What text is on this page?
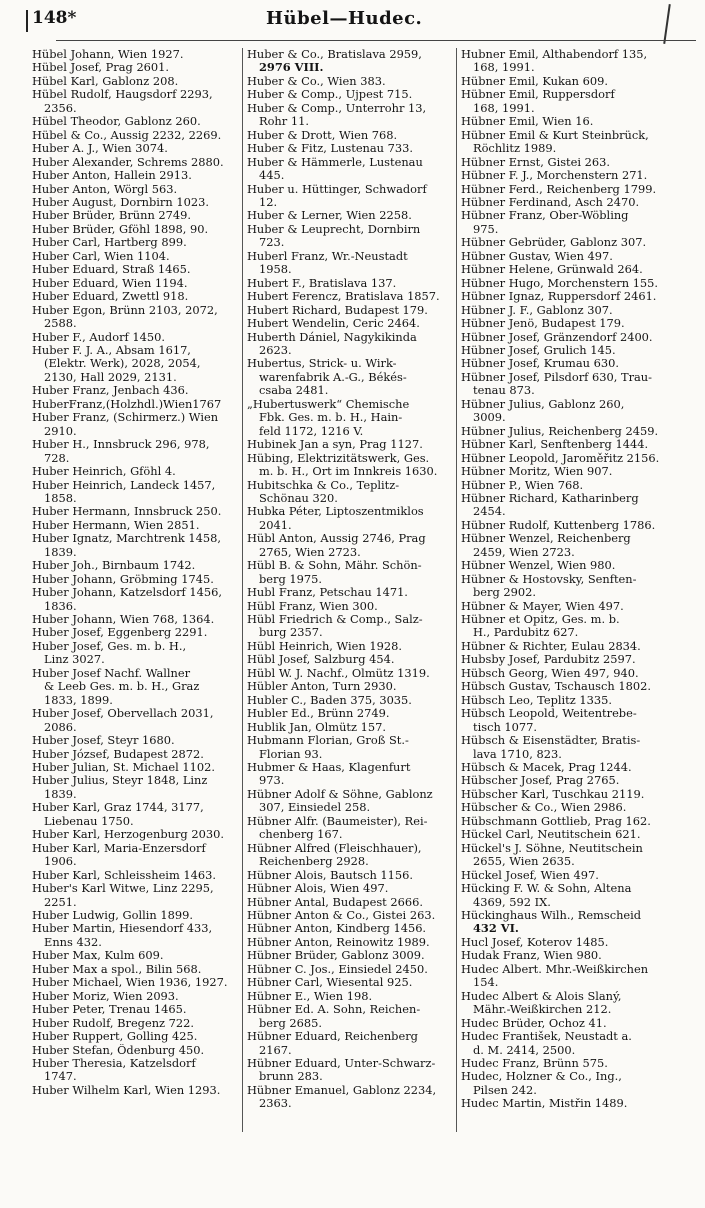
148*	Hübel—Hudec.
Hübel Johann, Wien 1927.
Hübel Josef, Prag 2601.
Hübel Karl, Gablonz 208.
Hübel Rudolf, Haugsdorf 2293,
2356.
Hübel Theodor, Gablonz 260.
Hübel & Co., Aussig 2232, 2269.
Huber A. J., Wien 3074.
Huber Alexander, Schrems 2880.
Huber Anton, Hallein 2913.
Huber Anton, Wörgl 563.
Huber August, Dornbirn 1023.
Huber Brüder, Brünn 2749.
Huber Brüder, Gföhl 1898, 90.
Huber Carl, Hartberg 899.
Huber Carl, Wien 1104.
Huber Eduard, Straß 1465.
Huber Eduard, Wien 1194.
Huber Eduard, Zwettl 918.
Huber Egon, Brünn 2103, 2072,
2588.
Huber F., Audorf 1450.
Huber F. J. A., Absam 1617,
(Elektr. Werk), 2028, 2054,
2130, Hall 2029, 2131.
Huber Franz, Jenbach 436.
HuberFranz,(Holzhdl.)Wien1767
Huber Franz, (Schirmerz.) Wien
2910.
Huber H., Innsbruck 296, 978,
728.
Huber Heinrich, Gföhl 4.
Huber Heinrich, Landeck 1457,
1858.
Huber Hermann, Innsbruck 250.
Huber Hermann, Wien 2851.
Huber Ignatz, Marchtrenk 1458,
1839.
Huber Joh., Birnbaum 1742.
Huber Johann, Gröbming 1745.
Huber Johann, Katzelsdorf 1456,
1836.
Huber Johann, Wien 768, 1364.
Huber Josef, Eggenberg 2291.
Huber Josef, Ges. m. b. H.,
Linz 3027.
Huber Josef Nachf. Wallner
& Leeb Ges. m. b. H., Graz
1833, 1899.
Huber Josef, Obervellach 2031,
2086.
Huber Josef, Steyr 1680.
Huber József, Budapest 2872.
Huber Julian, St. Michael 1102.
Huber Julius, Steyr 1848, Linz
1839.
Huber Karl, Graz 1744, 3177,
Liebenau 1750.
Huber Karl, Herzogenburg 2030.
Huber Karl, Maria-Enzersdorf
1906.
Huber Karl, Schleissheim 1463.
Huber's Karl Witwe, Linz 2295,
2251.
Huber Ludwig, Gollin 1899.
Huber Martin, Hiesendorf 433,
Enns 432.
Huber Max, Kulm 609.
Huber Max a spol., Bilin 568.
Huber Michael, Wien 1936, 1927.
Huber Moriz, Wien 2093.
Huber Peter, Trenau 1465.
Huber Rudolf, Bregenz 722.
Huber Ruppert, Golling 425.
Huber Stefan, Ödenburg 450.
Huber Theresia, Katzelsdorf
1747.
Huber Wilhelm Karl, Wien 1293.
Huber & Co., Bratislava 2959,
2976 VIII.
Huber & Co., Wien 383.
Huber & Comp., Ujpest 715.
Huber & Comp., Unterrohr 13,
Rohr 11.
Huber & Drott, Wien 768.
Huber & Fitz, Lustenau 733.
Huber & Hämmerle, Lustenau
445.
Huber u. Hüttinger, Schwadorf
12.
Huber & Lerner, Wien 2258.
Huber & Leuprecht, Dornbirn
723.
Huberl Franz, Wr.-Neustadt
1958.
Hubert F., Bratislava 137.
Hubert Ferencz, Bratislava 1857.
Hubert Richard, Budapest 179.
Hubert Wendelin, Ceric 2464.
Huberth Dániel, Nagykikinda
2623.
Hubertus, Strick- u. Wirk-
warenfabrik A.-G., Békés-
csaba 2481.
„Hubertuswerk“ Chemische
Fbk. Ges. m. b. H., Hain-
feld 1172, 1216 V.
Hubinek Jan a syn, Prag 1127.
Hübing, Elektrizitätswerk, Ges.
m. b. H., Ort im Innkreis 1630.
Hubitschka & Co., Teplitz-
Schönau 320.
Hubka Péter, Liptoszentmiklos
2041.
Hübl Anton, Aussig 2746, Prag
2765, Wien 2723.
Hübl B. & Sohn, Mähr. Schön-
berg 1975.
Hubl Franz, Petschau 1471.
Hübl Franz, Wien 300.
Hübl Friedrich & Comp., Salz-
burg 2357.
Hübl Heinrich, Wien 1928.
Hübl Josef, Salzburg 454.
Hübl W. J. Nachf., Olmütz 1319.
Hübler Anton, Turn 2930.
Hubler C., Baden 375, 3035.
Hubler Ed., Brünn 2749.
Hublik Jan, Olmütz 157.
Hubmann Florian, Groß St.-
Florian 93.
Hubmer & Haas, Klagenfurt
973.
Hübner Adolf & Söhne, Gablonz
307, Einsiedel 258.
Hübner Alfr. (Baumeister), Rei-
chenberg 167.
Hübner Alfred (Fleischhauer),
Reichenberg 2928.
Hübner Alois, Bautsch 1156.
Hübner Alois, Wien 497.
Hübner Antal, Budapest 2666.
Hübner Anton & Co., Gistei 263.
Hübner Anton, Kindberg 1456.
Hübner Anton, Reinowitz 1989.
Hübner Brüder, Gablonz 3009.
Hübner C. Jos., Einsiedel 2450.
Hübner Carl, Wiesental 925.
Hübner E., Wien 198.
Hübner Ed. A. Sohn, Reichen-
berg 2685.
Hübner Eduard, Reichenberg
2167.
Hübner Eduard, Unter-Schwarz-
brunn 283.
Hübner Emanuel, Gablonz 2234,
2363.
Hubner Emil, Althabendorf 135,
168, 1991.
Hübner Emil, Kukan 609.
Hübner Emil, Ruppersdorf
168, 1991.
Hübner Emil, Wien 16.
Hübner Emil & Kurt Steinbrück,
Röchlitz 1989.
Hübner Ernst, Gistei 263.
Hübner F. J., Morchenstern 271.
Hübner Ferd., Reichenberg 1799.
Hübner Ferdinand, Asch 2470.
Hübner Franz, Ober-Wöbling
975.
Hübner Gebrüder, Gablonz 307.
Hübner Gustav, Wien 497.
Hübner Helene, Grünwald 264.
Hübner Hugo, Morchenstern 155.
Hübner Ignaz, Ruppersdorf 2461.
Hübner J. F., Gablonz 307.
Hübner Jenö, Budapest 179.
Hübner Josef, Gränzendorf 2400.
Hübner Josef, Grulich 145.
Hübner Josef, Krumau 630.
Hübner Josef, Pilsdorf 630, Trau-
tenau 873.
Hübner Julius, Gablonz 260,
3009.
Hübner Julius, Reichenberg 2459.
Hübner Karl, Senftenberg 1444.
Hübner Leopold, Jaroměřitz 2156.
Hübner Moritz, Wien 907.
Hübner P., Wien 768.
Hübner Richard, Katharinberg
2454.
Hübner Rudolf, Kuttenberg 1786.
Hübner Wenzel, Reichenberg
2459, Wien 2723.
Hübner Wenzel, Wien 980.
Hübner & Hostovsky, Senften-
berg 2902.
Hübner & Mayer, Wien 497.
Hübner et Opitz, Ges. m. b.
H., Pardubitz 627.
Hübner & Richter, Eulau 2834.
Hubsby Josef, Pardubitz 2597.
Hübsch Georg, Wien 497, 940.
Hübsch Gustav, Tschausch 1802.
Hübsch Leo, Teplitz 1335.
Hübsch Leopold, Weitentrebe-
tisch 1077.
Hübsch & Eisenstädter, Bratis-
lava 1710, 823.
Hübsch & Macek, Prag 1244.
Hübscher Josef, Prag 2765.
Hübscher Karl, Tuschkau 2119.
Hübscher & Co., Wien 2986.
Hübschmann Gottlieb, Prag 162.
Hückel Carl, Neutitschein 621.
Hückel's J. Söhne, Neutitschein
2655, Wien 2635.
Hückel Josef, Wien 497.
Hücking F. W. & Sohn, Altena
4369, 592 IX.
Hückinghaus Wilh., Remscheid
432 VI.
Hucl Josef, Koterov 1485.
Hudak Franz, Wien 980.
Hudec Albert. Mhr.-Weißkirchen
154.
Hudec Albert & Alois Slaný,
Mähr.-Weißkirchen 212.
Hudec Brüder, Ochoz 41.
Hudec František, Neustadt a.
d. M. 2414, 2500.
Hudec Franz, Brünn 575.
Hudec, Holzner & Co., Ing.,
Pilsen 242.
Hudec Martin, Mistřin 1489.
